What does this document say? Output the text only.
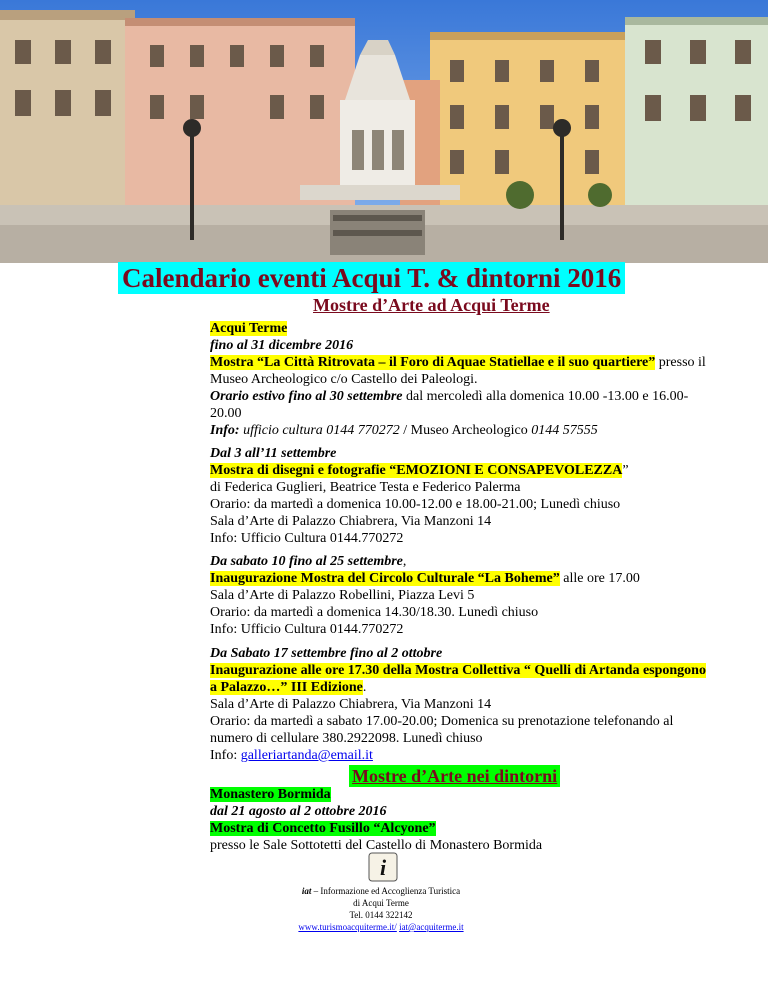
Calendario eventi Acqui T. & dintorni 2016
Mostre d’Arte ad Acqui Terme

Acqui Terme

fino al 31 dicembre 2016

Mostra “La Città Ritrovata – il Foro di Aquae Statiellae e il suo quartiere” presso il Museo Archeologico c/o Castello dei Paleologi.

Orario estivo fino al 30 settembre dal mercoledì alla domenica 10.00 -13.00 e 16.00-20.00

Info: ufficio cultura 0144 770272 / Museo Archeologico 0144 57555

Dal 3 all’11 settembre

Mostra di disegni e fotografie “EMOZIONI E CONSAPEVOLEZZA”

di Federica Guglieri, Beatrice Testa e Federico Palerma

Orario: da martedì a domenica 10.00-12.00 e 18.00-21.00; Lunedì chiuso

Sala d’Arte di Palazzo Chiabrera, Via Manzoni 14

Info: Ufficio Cultura 0144.770272

Da sabato 10 fino al 25 settembre,

Inaugurazione Mostra del Circolo Culturale “La Boheme” alle ore 17.00

Sala d’Arte di Palazzo Robellini, Piazza Levi 5

Orario: da martedì a domenica 14.30/18.30. Lunedì chiuso

Info: Ufficio Cultura 0144.770272

Da Sabato 17 settembre fino al 2 ottobre

Inaugurazione alle ore 17.30 della Mostra Collettiva “ Quelli di Artanda espongono a Palazzo…” III Edizione.

Sala d’Arte di Palazzo Chiabrera, Via Manzoni 14

Orario: da martedì a sabato 17.00-20.00; Domenica su prenotazione telefonando al numero di cellulare 380.2922098. Lunedì chiuso

Info: galleriartanda@email.it

Mostre d’Arte nei dintorni

Monastero Bormida

dal 21 agosto al 2 ottobre 2016

Mostra di Concetto Fusillo “Alcyone”

presso le Sale Sottotetti del Castello di Monastero Bormida

i
iat – Informazione ed Accoglienza Turistica
di Acqui Terme
Tel. 0144 322142
www.turismoacquiterme.it/ iat@acquiterme.it
